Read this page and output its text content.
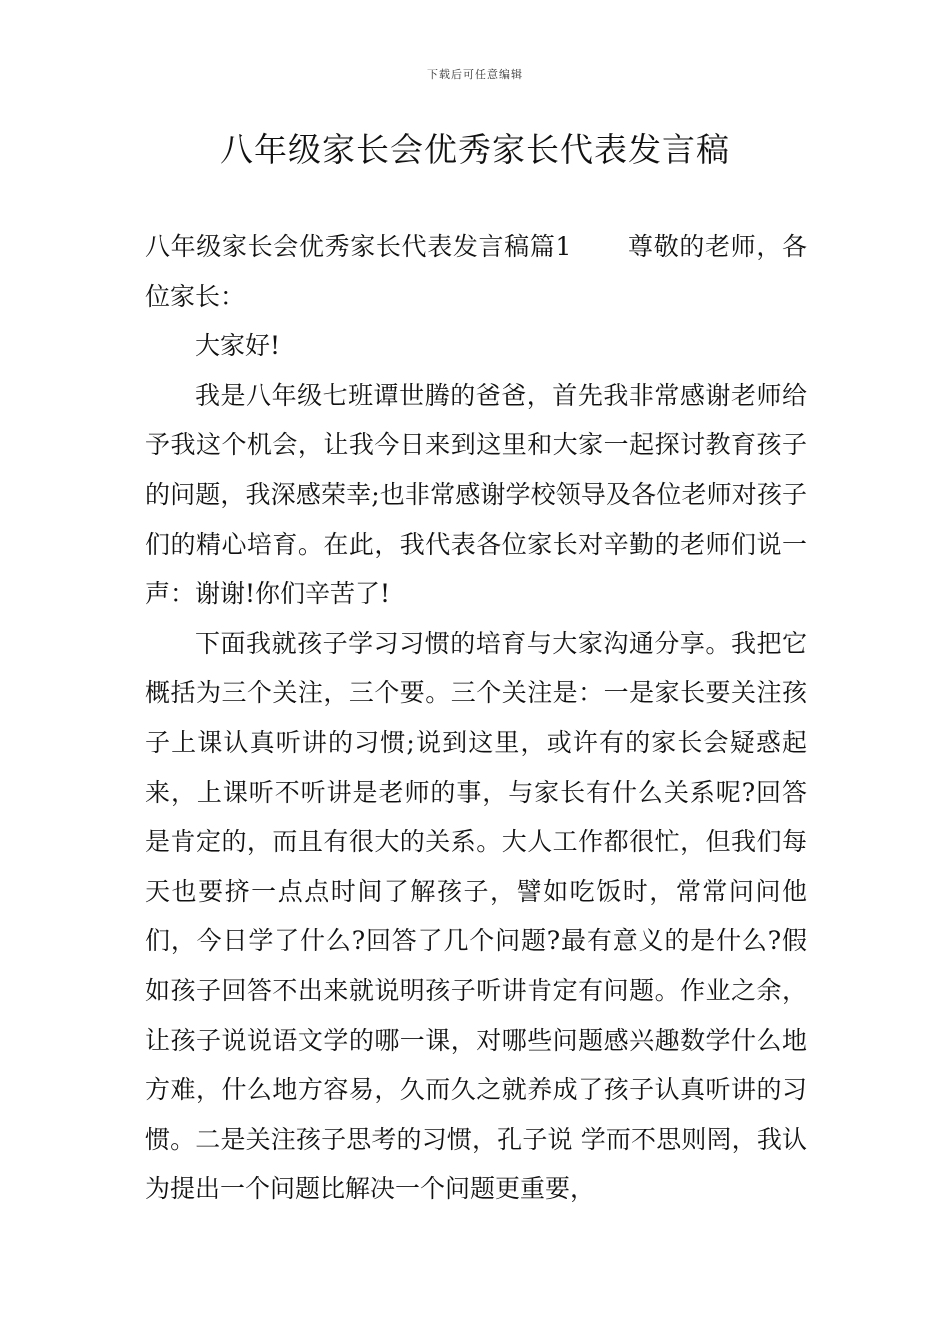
下载后可任意编辑
八年级家长会优秀家长代表发言稿

八年级家长会优秀家长代表发言稿篇1 尊敬的老师，各位家长：

大家好!

我是八年级七班谭世腾的爸爸，首先我非常感谢老师给予我这个机会，让我今日来到这里和大家一起探讨教育孩子的问题，我深感荣幸;也非常感谢学校领导及各位老师对孩子们的精心培育。在此，我代表各位家长对辛勤的老师们说一声：谢谢!你们辛苦了!

下面我就孩子学习习惯的培育与大家沟通分享。我把它概括为三个关注，三个要。三个关注是：一是家长要关注孩子上课认真听讲的习惯;说到这里，或许有的家长会疑惑起来，上课听不听讲是老师的事，与家长有什么关系呢?回答是肯定的，而且有很大的关系。大人工作都很忙，但我们每天也要挤一点点时间了解孩子，譬如吃饭时，常常问问他们，今日学了什么?回答了几个问题?最有意义的是什么?假如孩子回答不出来就说明孩子听讲肯定有问题。作业之余，让孩子说说语文学的哪一课，对哪些问题感兴趣数学什么地方难，什么地方容易，久而久之就养成了孩子认真听讲的习惯。二是关注孩子思考的习惯，孔子说 学而不思则罔，我认为提出一个问题比解决一个问题更重要，
